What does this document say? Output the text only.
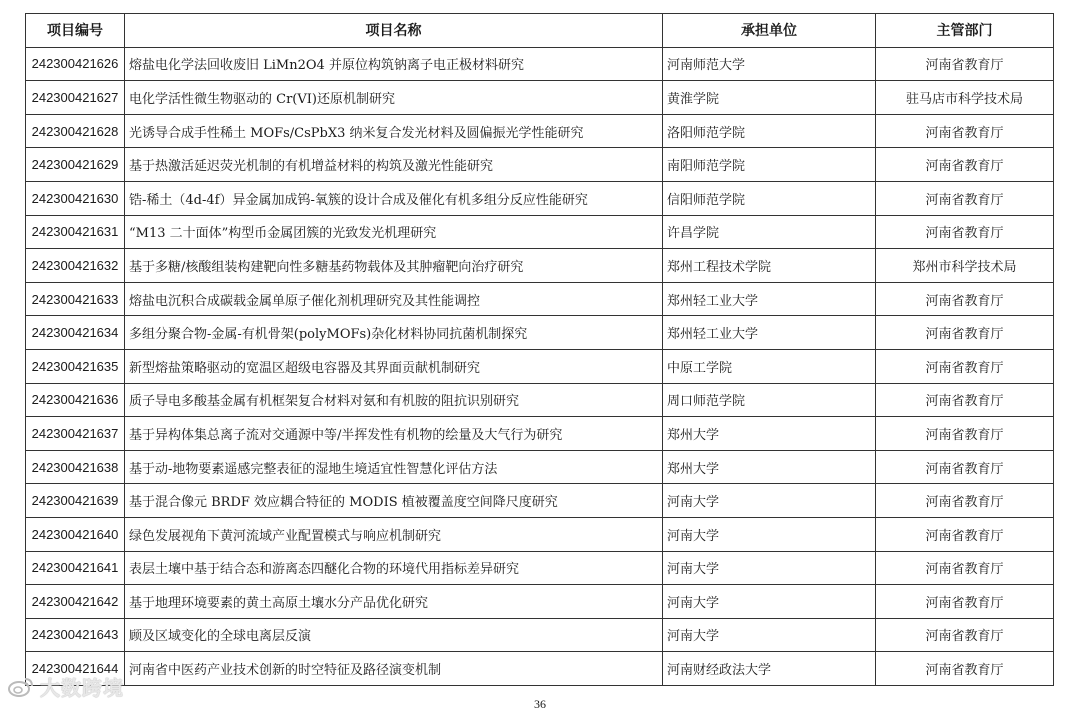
项目编号	项目名称	承担单位	主管部门
242300421626	熔盐电化学法回收废旧 LiMn2O4 并原位构筑钠离子电正极材料研究	河南师范大学	河南省教育厅
242300421627	电化学活性微生物驱动的 Cr(VI)还原机制研究	黄淮学院	驻马店市科学技术局
242300421628	光诱导合成手性稀土 MOFs/CsPbX3 纳米复合发光材料及圆偏振光学性能研究	洛阳师范学院	河南省教育厅
242300421629	基于热激活延迟荧光机制的有机增益材料的构筑及激光性能研究	南阳师范学院	河南省教育厅
242300421630	锆-稀土（4d-4f）异金属加成钨-氧簇的设计合成及催化有机多组分反应性能研究	信阳师范学院	河南省教育厅
242300421631	“M13 二十面体”构型币金属团簇的光致发光机理研究	许昌学院	河南省教育厅
242300421632	基于多糖/核酸组装构建靶向性多糖基药物载体及其肿瘤靶向治疗研究	郑州工程技术学院	郑州市科学技术局
242300421633	熔盐电沉积合成碳载金属单原子催化剂机理研究及其性能调控	郑州轻工业大学	河南省教育厅
242300421634	多组分聚合物-金属-有机骨架(polyMOFs)杂化材料协同抗菌机制探究	郑州轻工业大学	河南省教育厅
242300421635	新型熔盐策略驱动的宽温区超级电容器及其界面贡献机制研究	中原工学院	河南省教育厅
242300421636	质子导电多酸基金属有机框架复合材料对氨和有机胺的阻抗识别研究	周口师范学院	河南省教育厅
242300421637	基于异构体集总离子流对交通源中等/半挥发性有机物的绘量及大气行为研究	郑州大学	河南省教育厅
242300421638	基于动-地物要素遥感完整表征的湿地生境适宜性智慧化评估方法	郑州大学	河南省教育厅
242300421639	基于混合像元 BRDF 效应耦合特征的 MODIS 植被覆盖度空间降尺度研究	河南大学	河南省教育厅
242300421640	绿色发展视角下黄河流域产业配置模式与响应机制研究	河南大学	河南省教育厅
242300421641	表层土壤中基于结合态和游离态四醚化合物的环境代用指标差异研究	河南大学	河南省教育厅
242300421642	基于地理环境要素的黄土高原土壤水分产品优化研究	河南大学	河南省教育厅
242300421643	顾及区域变化的全球电离层反演	河南大学	河南省教育厅
242300421644	河南省中医药产业技术创新的时空特征及路径演变机制	河南财经政法大学	河南省教育厅
36
大数跨境
